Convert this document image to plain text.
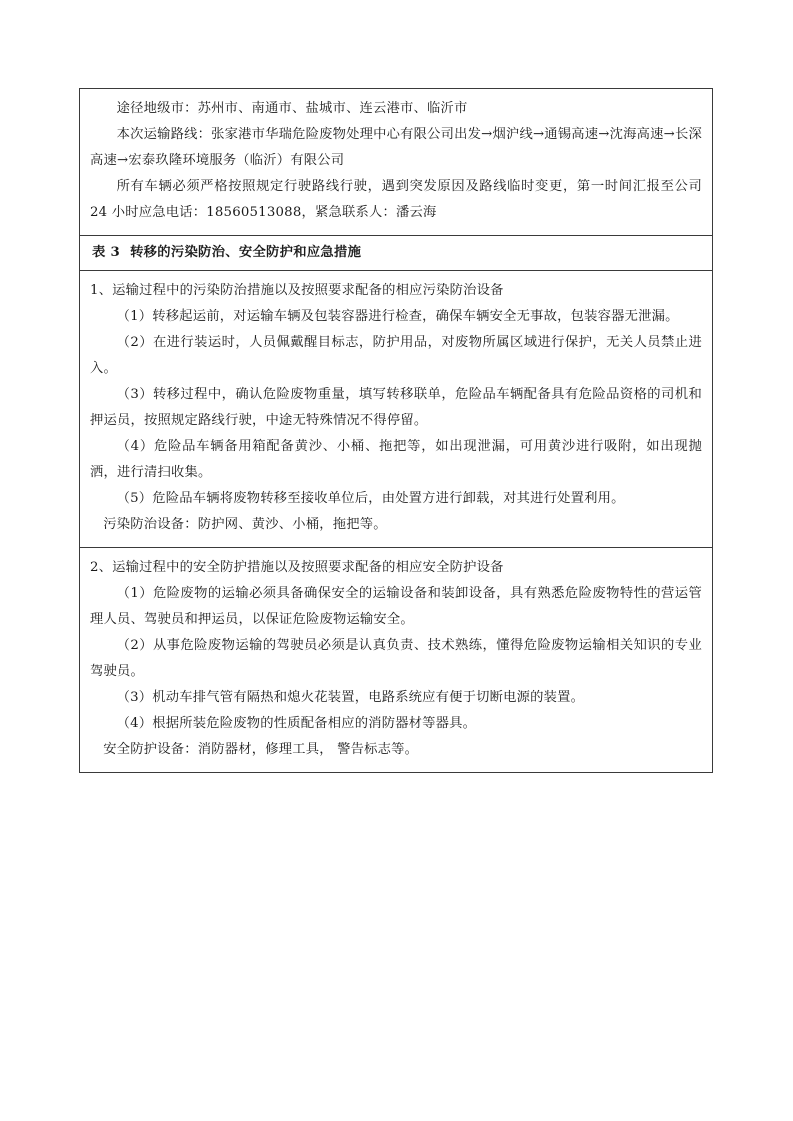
途径地级市：苏州市、南通市、盐城市、连云港市、临沂市

本次运输路线：张家港市华瑞危险废物处理中心有限公司出发→烟沪线→通锡高速→沈海高速→长深高速→宏泰玖隆环境服务（临沂）有限公司

所有车辆必须严格按照规定行驶路线行驶，遇到突发原因及路线临时变更，第一时间汇报至公司 24 小时应急电话：18560513088，紧急联系人：潘云海

表 3 转移的污染防治、安全防护和应急措施

1、运输过程中的污染防治措施以及按照要求配备的相应污染防治设备

（1）转移起运前，对运输车辆及包装容器进行检查，确保车辆安全无事故，包装容器无泄漏。

（2）在进行装运时，人员佩戴醒目标志，防护用品，对废物所属区域进行保护，无关人员禁止进入。

（3）转移过程中，确认危险废物重量，填写转移联单，危险品车辆配备具有危险品资格的司机和押运员，按照规定路线行驶，中途无特殊情况不得停留。

（4）危险品车辆备用箱配备黄沙、小桶、拖把等，如出现泄漏，可用黄沙进行吸附，如出现抛洒，进行清扫收集。

（5）危险品车辆将废物转移至接收单位后，由处置方进行卸载，对其进行处置利用。

污染防治设备：防护网、黄沙、小桶，拖把等。

2、运输过程中的安全防护措施以及按照要求配备的相应安全防护设备

（1）危险废物的运输必须具备确保安全的运输设备和装卸设备，具有熟悉危险废物特性的营运管理人员、驾驶员和押运员，以保证危险废物运输安全。

（2）从事危险废物运输的驾驶员必须是认真负责、技术熟练，懂得危险废物运输相关知识的专业驾驶员。

（3）机动车排气管有隔热和熄火花装置，电路系统应有便于切断电源的装置。

（4）根据所装危险废物的性质配备相应的消防器材等器具。

安全防护设备：消防器材，修理工具， 警告标志等。
